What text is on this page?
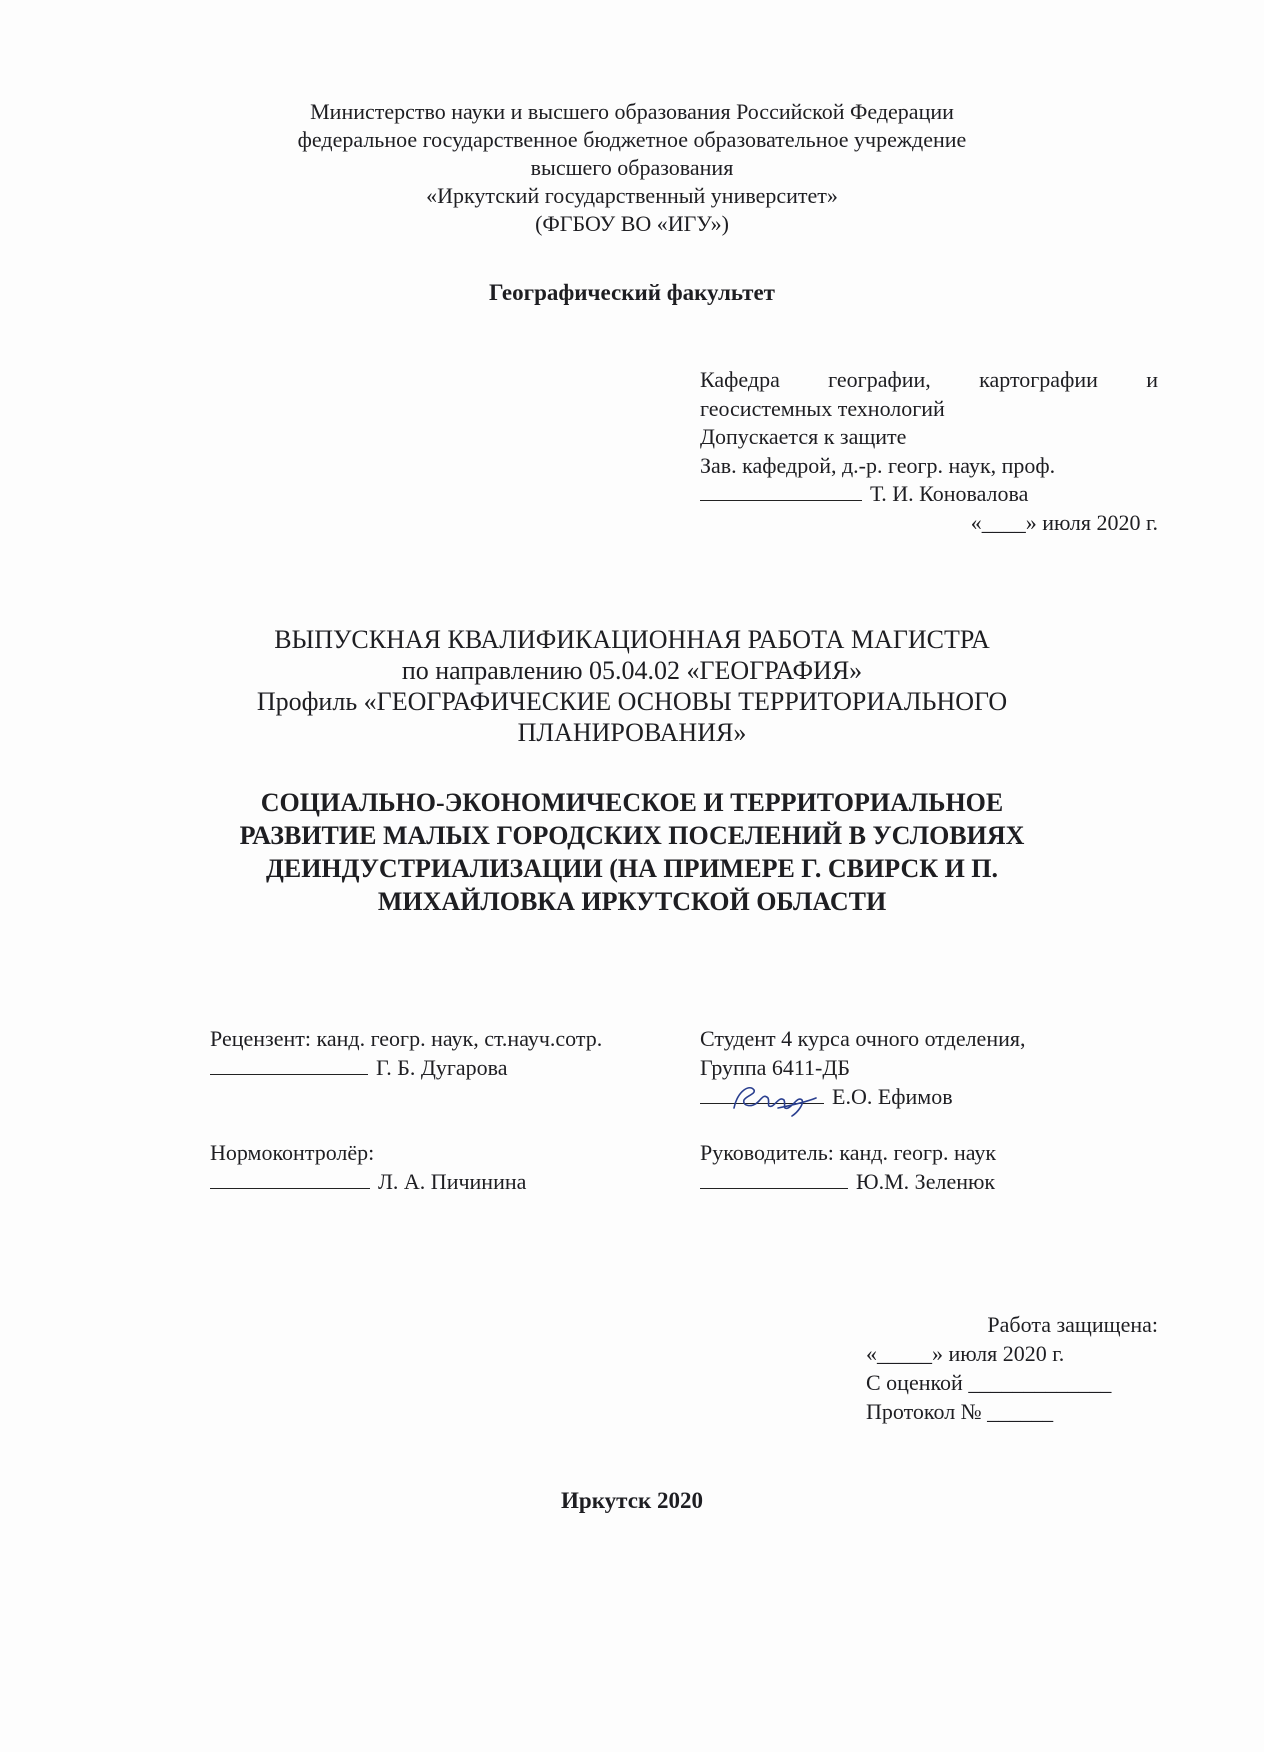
Министерство науки и высшего образования Российской Федерации
федеральное государственное бюджетное образовательное учреждение
высшего образования
«Иркутский государственный университет»
(ФГБОУ ВО «ИГУ»)
Географический факультет
Кафедра географии, картографии и
геосистемных технологий
Допускается к защите
Зав. кафедрой, д.-р. геогр. наук, проф.
Т. И. Коновалова
«____» июля 2020 г.
ВЫПУСКНАЯ КВАЛИФИКАЦИОННАЯ РАБОТА МАГИСТРА
по направлению 05.04.02 «ГЕОГРАФИЯ»
Профиль «ГЕОГРАФИЧЕСКИЕ ОСНОВЫ ТЕРРИТОРИАЛЬНОГО
ПЛАНИРОВАНИЯ»
СОЦИАЛЬНО-ЭКОНОМИЧЕСКОЕ И ТЕРРИТОРИАЛЬНОЕ
РАЗВИТИЕ МАЛЫХ ГОРОДСКИХ ПОСЕЛЕНИЙ В УСЛОВИЯХ
ДЕИНДУСТРИАЛИЗАЦИИ (НА ПРИМЕРЕ Г. СВИРСК И П.
МИХАЙЛОВКА ИРКУТСКОЙ ОБЛАСТИ
Рецензент: канд. геогр. наук, ст.науч.сотр.
Г. Б. Дугарова
Студент 4 курса очного отделения,
Группа 6411-ДБ
Е.О. Ефимов
Нормоконтролёр:
Л. А. Пичинина
Руководитель: канд. геогр. наук
Ю.М. Зеленюк
Работа защищена:
«_____» июля 2020 г.
С оценкой _____________
Протокол № ______
Иркутск 2020
